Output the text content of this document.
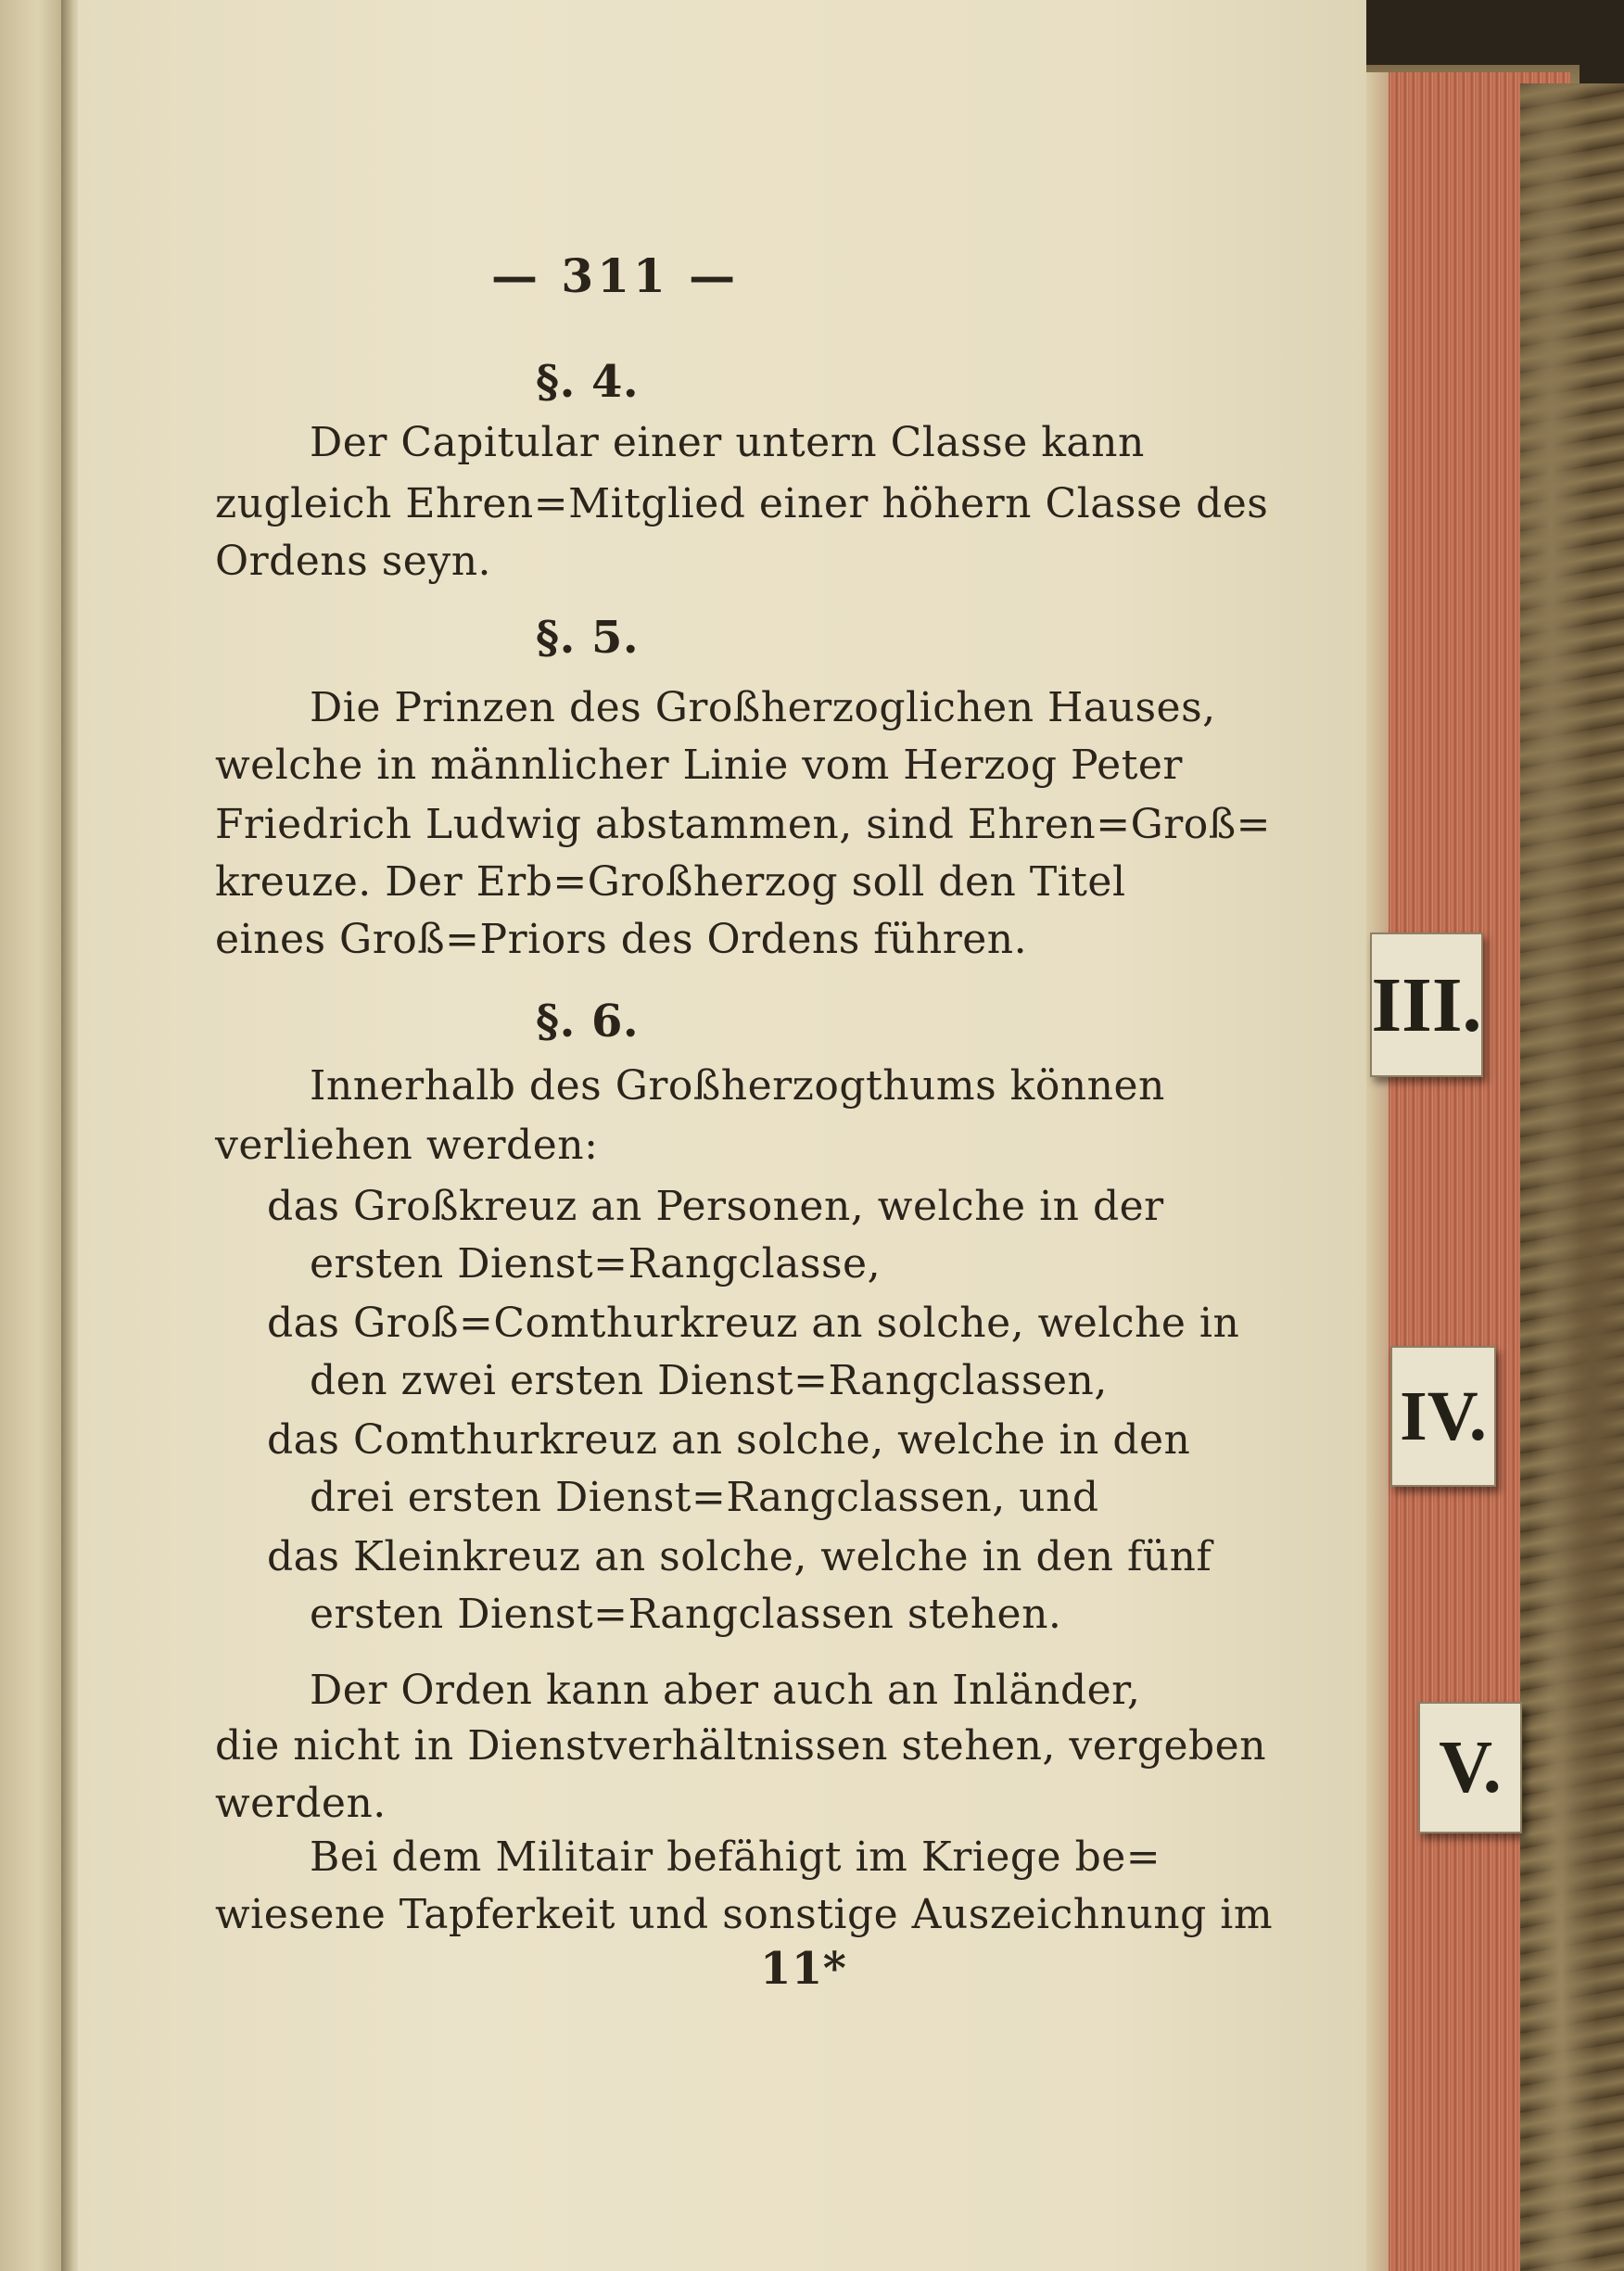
III.
IV.
V.
— 311 —
§. 4.
Der Capitular einer untern Classe kann
zugleich Ehren=Mitglied einer höhern Classe des
Ordens seyn.
§. 5.
Die Prinzen des Großherzoglichen Hauses,
welche in männlicher Linie vom Herzog Peter
Friedrich Ludwig abstammen, sind Ehren=Groß=
kreuze. Der Erb=Großherzog soll den Titel
eines Groß=Priors des Ordens führen.
§. 6.
Innerhalb des Großherzogthums können
verliehen werden:
das Großkreuz an Personen, welche in der
ersten Dienst=Rangclasse,
das Groß=Comthurkreuz an solche, welche in
den zwei ersten Dienst=Rangclassen,
das Comthurkreuz an solche, welche in den
drei ersten Dienst=Rangclassen, und
das Kleinkreuz an solche, welche in den fünf
ersten Dienst=Rangclassen stehen.
Der Orden kann aber auch an Inländer,
die nicht in Dienstverhältnissen stehen, vergeben
werden.
Bei dem Militair befähigt im Kriege be=
wiesene Tapferkeit und sonstige Auszeichnung im
11*
